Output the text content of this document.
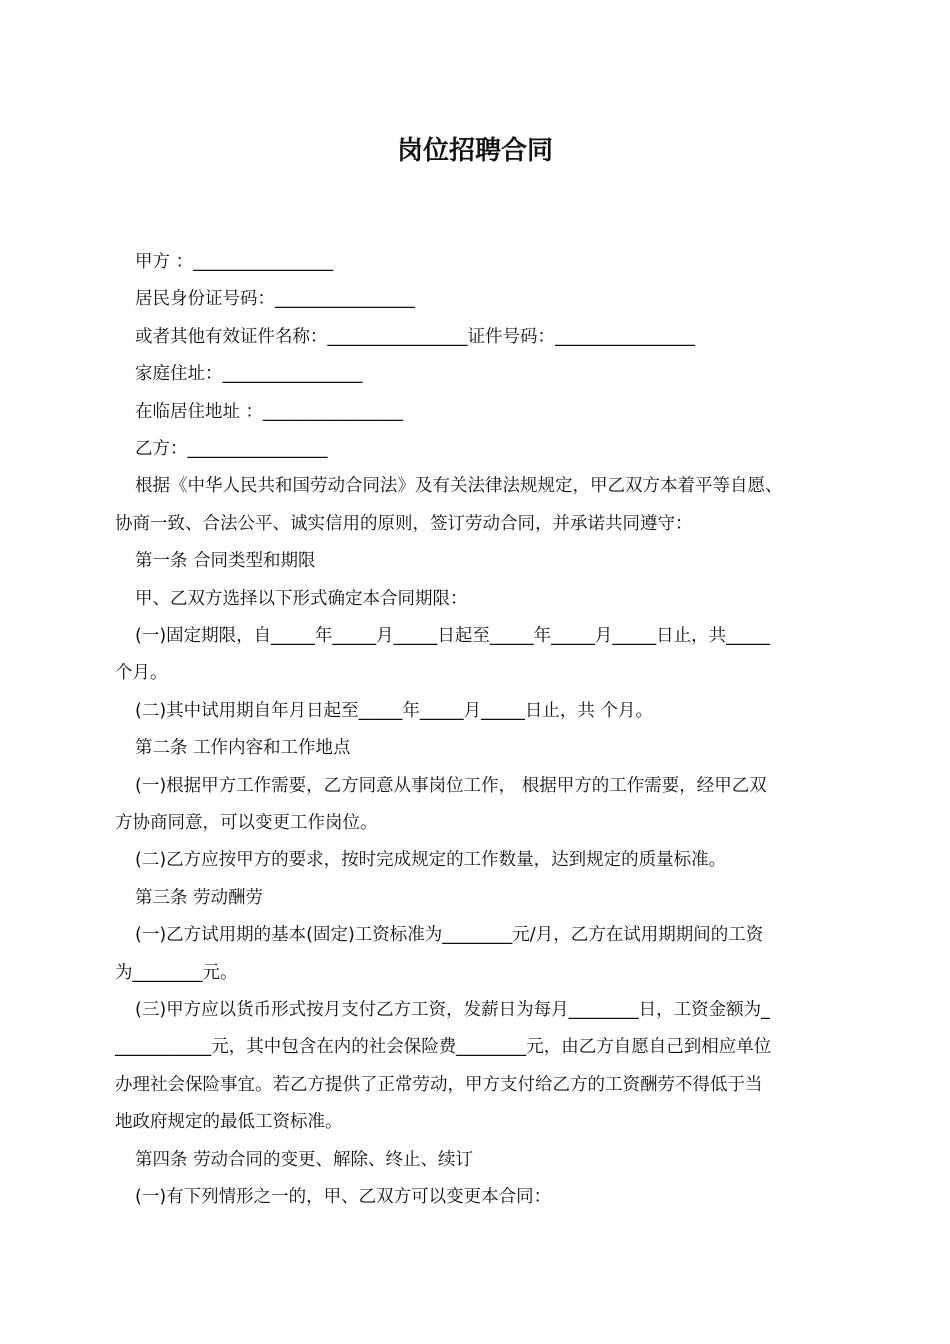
岗位招聘合同
甲方 ：________________
居民身份证号码：________________
或者其他有效证件名称：________________证件号码：________________
家庭住址：________________
在临居住地址 ：________________
乙方：________________
根据《中华人民共和国劳动合同法》及有关法律法规规定，甲乙双方本着平等自愿、
协商一致、合法公平、诚实信用的原则，签订劳动合同，并承诺共同遵守：
第一条 合同类型和期限
甲、乙双方选择以下形式确定本合同期限：
(一)固定期限，自_____年_____月_____日起至_____年_____月_____日止，共_____
个月。
(二)其中试用期自年月日起至_____年_____月_____日止，共 个月。
第二条 工作内容和工作地点
(一)根据甲方工作需要，乙方同意从事岗位工作， 根据甲方的工作需要，经甲乙双
方协商同意，可以变更工作岗位。
(二)乙方应按甲方的要求，按时完成规定的工作数量，达到规定的质量标准。
第三条 劳动酬劳
(一)乙方试用期的基本(固定)工资标准为________元/月，乙方在试用期期间的工资
为________元。
(三)甲方应以货币形式按月支付乙方工资，发薪日为每月________日，工资金额为_
___________元，其中包含在内的社会保险费________元，由乙方自愿自己到相应单位
办理社会保险事宜。若乙方提供了正常劳动，甲方支付给乙方的工资酬劳不得低于当
地政府规定的最低工资标准。
第四条 劳动合同的变更、解除、终止、续订
(一)有下列情形之一的，甲、乙双方可以变更本合同：
